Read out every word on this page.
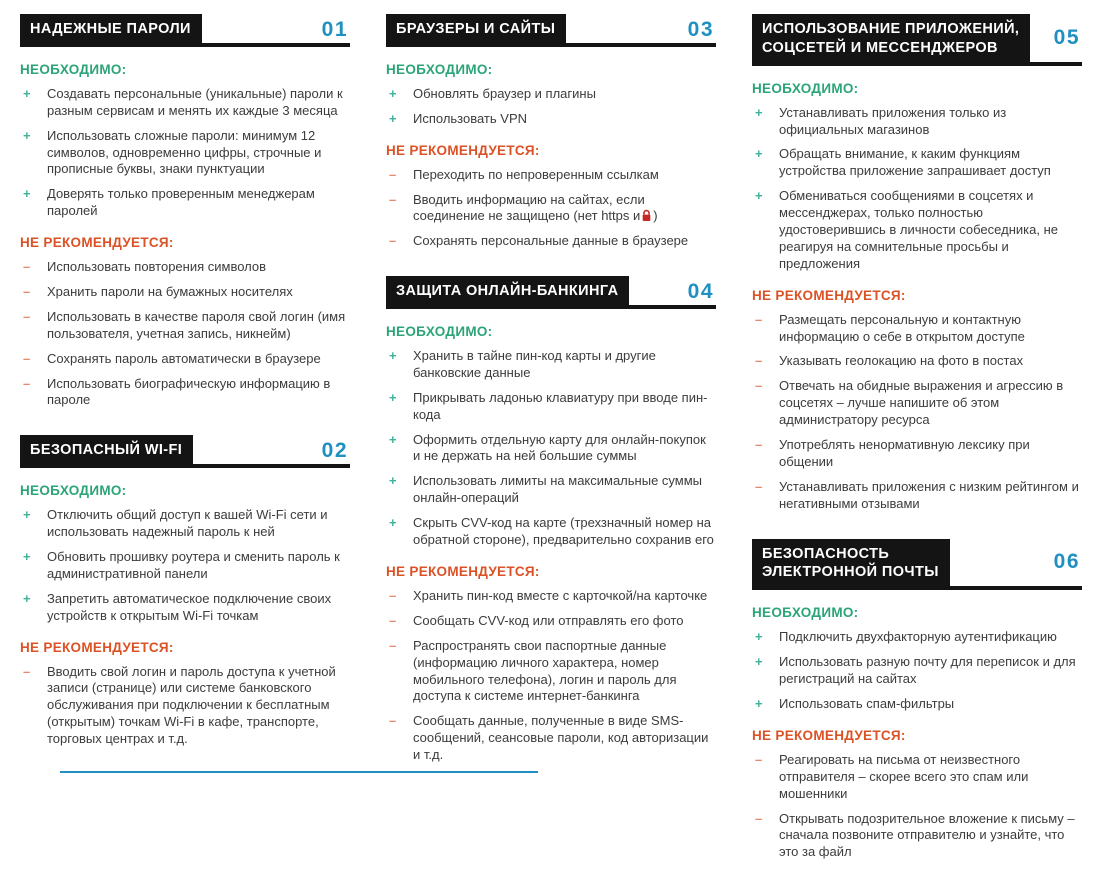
НАДЕЖНЫЕ ПАРОЛИ	01
НЕОБХОДИМО:
+	Создавать персональные (уникальные) пароли к разным сервисам и менять их каждые 3 месяца
+	Использовать сложные пароли: минимум 12 символов, одновременно цифры, строчные и прописные буквы, знаки пунктуации
+	Доверять только проверенным менеджерам паролей
НЕ РЕКОМЕНДУЕТСЯ:
–	Использовать повторения символов
–	Хранить пароли на бумажных носителях
–	Использовать в качестве пароля свой логин (имя пользователя, учетная запись, никнейм)
–	Сохранять пароль автоматически в браузере
–	Использовать биографическую информацию в пароле
БЕЗОПАСНЫЙ WI-FI	02
НЕОБХОДИМО:
+	Отключить общий доступ к вашей Wi-Fi сети и использовать надежный пароль к ней
+	Обновить прошивку роутера и сменить пароль к административной панели
+	Запретить автоматическое подключение своих устройств к открытым Wi-Fi точкам
НЕ РЕКОМЕНДУЕТСЯ:
–	Вводить свой логин и пароль доступа к учетной записи (странице) или системе банковского обслуживания при подключении к бесплатным (открытым) точкам Wi-Fi в кафе, транспорте, торговых центрах и т.д.
БРАУЗЕРЫ И САЙТЫ	03
НЕОБХОДИМО:
+	Обновлять браузер и плагины
+	Использовать VPN
НЕ РЕКОМЕНДУЕТСЯ:
–	Переходить по непроверенным ссылкам
–	Вводить информацию на сайтах, если соединение не защищено (нет https и )
–	Сохранять персональные данные в браузере
ЗАЩИТА ОНЛАЙН-БАНКИНГА	04
НЕОБХОДИМО:
+	Хранить в тайне пин-код карты и другие банковские данные
+	Прикрывать ладонью клавиатуру при вводе пин-кода
+	Оформить отдельную карту для онлайн-покупок и не держать на ней большие суммы
+	Использовать лимиты на максимальные суммы онлайн-операций
+	Скрыть CVV-код на карте (трехзначный номер на обратной стороне), предварительно сохранив его
НЕ РЕКОМЕНДУЕТСЯ:
–	Хранить пин-код вместе с карточкой/на карточке
–	Сообщать CVV-код или отправлять его фото
–	Распространять свои паспортные данные (информацию личного характера, номер мобильного телефона), логин и пароль для доступа к системе интернет-банкинга
–	Сообщать данные, полученные в виде SMS-сообщений, сеансовые пароли, код авторизации и т.д.
ИСПОЛЬЗОВАНИЕ ПРИЛОЖЕНИЙ,
СОЦСЕТЕЙ И МЕССЕНДЖЕРОВ	05
НЕОБХОДИМО:
+	Устанавливать приложения только из официальных магазинов
+	Обращать внимание, к каким функциям устройства приложение запрашивает доступ
+	Обмениваться сообщениями в соцсетях и мессенджерах, только полностью удостоверившись в личности собеседника, не реагируя на сомнительные просьбы и предложения
НЕ РЕКОМЕНДУЕТСЯ:
–	Размещать персональную и контактную информацию о себе в открытом доступе
–	Указывать геолокацию на фото в постах
–	Отвечать на обидные выражения и агрессию в соцсетях – лучше напишите об этом администратору ресурса
–	Употреблять ненормативную лексику при общении
–	Устанавливать приложения с низким рейтингом и негативными отзывами
БЕЗОПАСНОСТЬ
ЭЛЕКТРОННОЙ ПОЧТЫ	06
НЕОБХОДИМО:
+	Подключить двухфакторную аутентификацию
+	Использовать разную почту для переписок и для регистраций на сайтах
+	Использовать спам-фильтры
НЕ РЕКОМЕНДУЕТСЯ:
–	Реагировать на письма от неизвестного отправителя – скорее всего это спам или мошенники
–	Открывать подозрительное вложение к письму – сначала позвоните отправителю и узнайте, что это за файл
